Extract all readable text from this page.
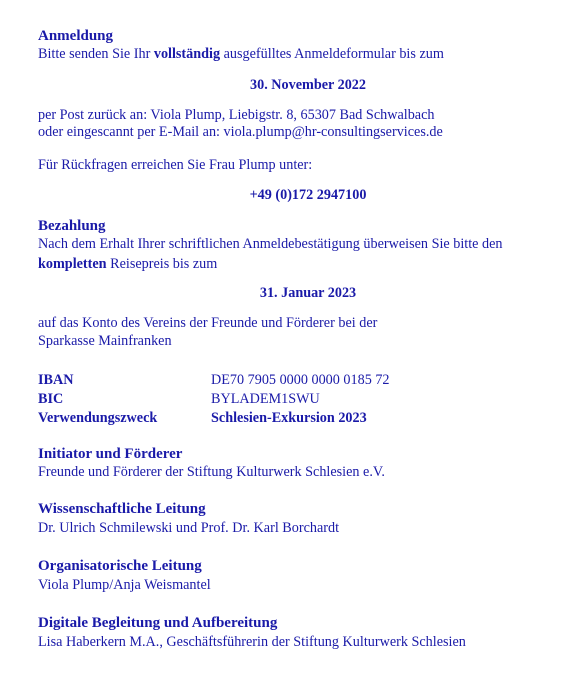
Anmeldung
Bitte senden Sie Ihr vollständig ausgefülltes Anmeldeformular bis zum
30. November 2022
per Post zurück an: Viola Plump, Liebigstr. 8, 65307 Bad Schwalbach
oder eingescannt per E-Mail an: viola.plump@hr-consultingservices.de
Für Rückfragen erreichen Sie Frau Plump unter:
+49 (0)172 2947100
Bezahlung
Nach dem Erhalt Ihrer schriftlichen Anmeldebestätigung überweisen Sie bitte den
kompletten Reisepreis bis zum
31. Januar 2023
auf das Konto des Vereins der Freunde und Förderer bei der
Sparkasse Mainfranken
IBAN	DE70 7905 0000 0000 0185 72
BIC	BYLADEM1SWU
Verwendungszweck	Schlesien-Exkursion 2023
Initiator und Förderer
Freunde und Förderer der Stiftung Kulturwerk Schlesien e.V.
Wissenschaftliche Leitung
Dr. Ulrich Schmilewski und Prof. Dr. Karl Borchardt
Organisatorische Leitung
Viola Plump/Anja Weismantel
Digitale Begleitung und Aufbereitung
Lisa Haberkern M.A., Geschäftsführerin der Stiftung Kulturwerk Schlesien
